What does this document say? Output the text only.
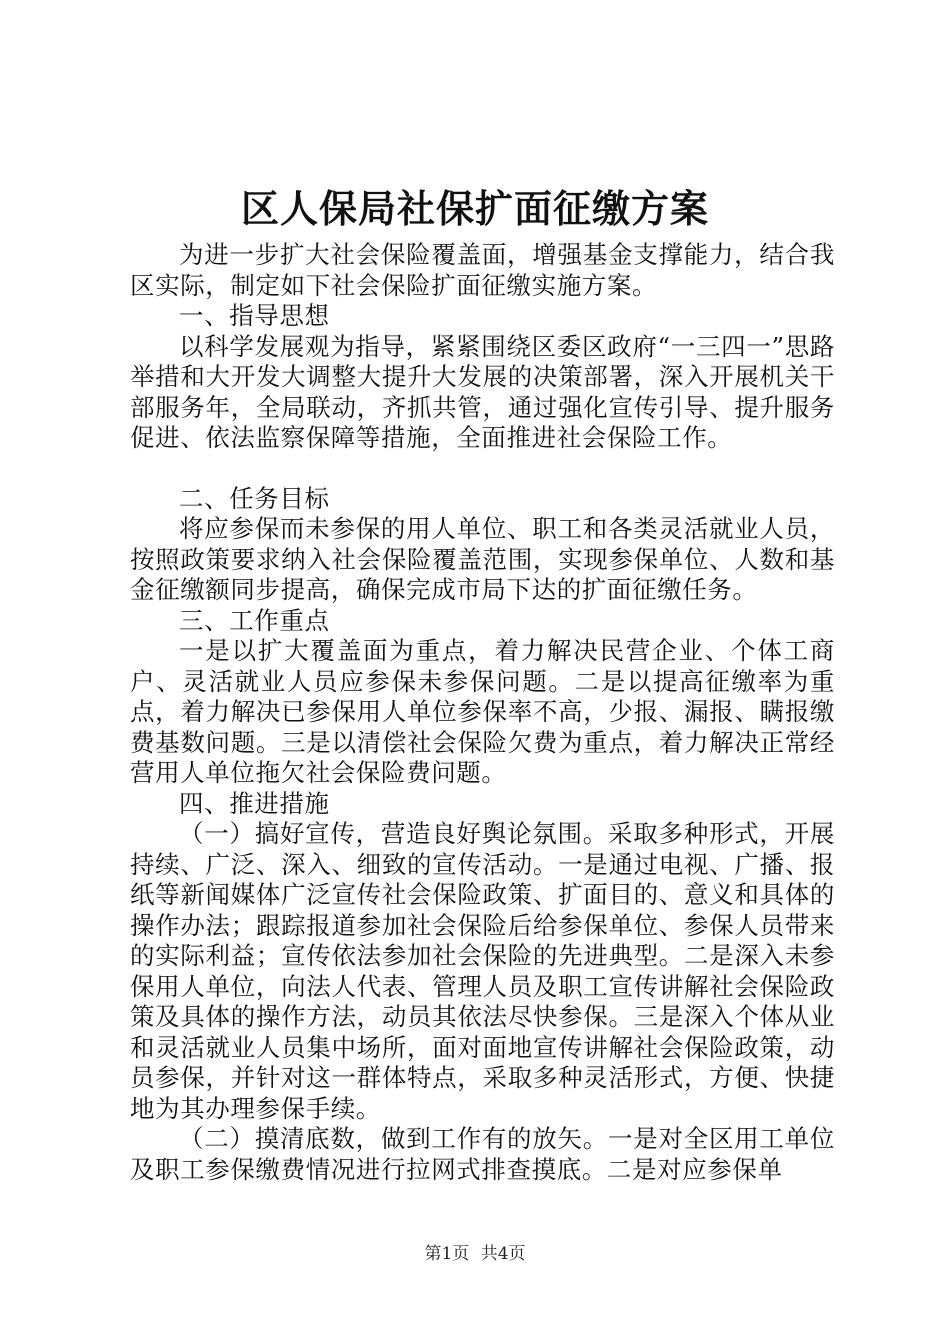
区人保局社保扩面征缴方案

为进一步扩大社会保险覆盖面，增强基金支撑能力，结合我区实际，制定如下社会保险扩面征缴实施方案。

一、指导思想

以科学发展观为指导，紧紧围绕区委区政府“一三四一”思路举措和大开发大调整大提升大发展的决策部署，深入开展机关干部服务年，全局联动，齐抓共管，通过强化宣传引导、提升服务促进、依法监察保障等措施，全面推进社会保险工作。

二、任务目标

将应参保而未参保的用人单位、职工和各类灵活就业人员，按照政策要求纳入社会保险覆盖范围，实现参保单位、人数和基金征缴额同步提高，确保完成市局下达的扩面征缴任务。

三、工作重点

一是以扩大覆盖面为重点，着力解决民营企业、个体工商户、灵活就业人员应参保未参保问题。二是以提高征缴率为重点，着力解决已参保用人单位参保率不高，少报、漏报、瞒报缴费基数问题。三是以清偿社会保险欠费为重点，着力解决正常经营用人单位拖欠社会保险费问题。

四、推进措施

（一）搞好宣传，营造良好舆论氛围。采取多种形式，开展持续、广泛、深入、细致的宣传活动。一是通过电视、广播、报纸等新闻媒体广泛宣传社会保险政策、扩面目的、意义和具体的操作办法；跟踪报道参加社会保险后给参保单位、参保人员带来的实际利益；宣传依法参加社会保险的先进典型。二是深入未参保用人单位，向法人代表、管理人员及职工宣传讲解社会保险政策及具体的操作方法，动员其依法尽快参保。三是深入个体从业和灵活就业人员集中场所，面对面地宣传讲解社会保险政策，动员参保，并针对这一群体特点，采取多种灵活形式，方便、快捷地为其办理参保手续。

（二）摸清底数，做到工作有的放矢。一是对全区用工单位及职工参保缴费情况进行拉网式排查摸底。二是对应参保单

第1页 共4页
